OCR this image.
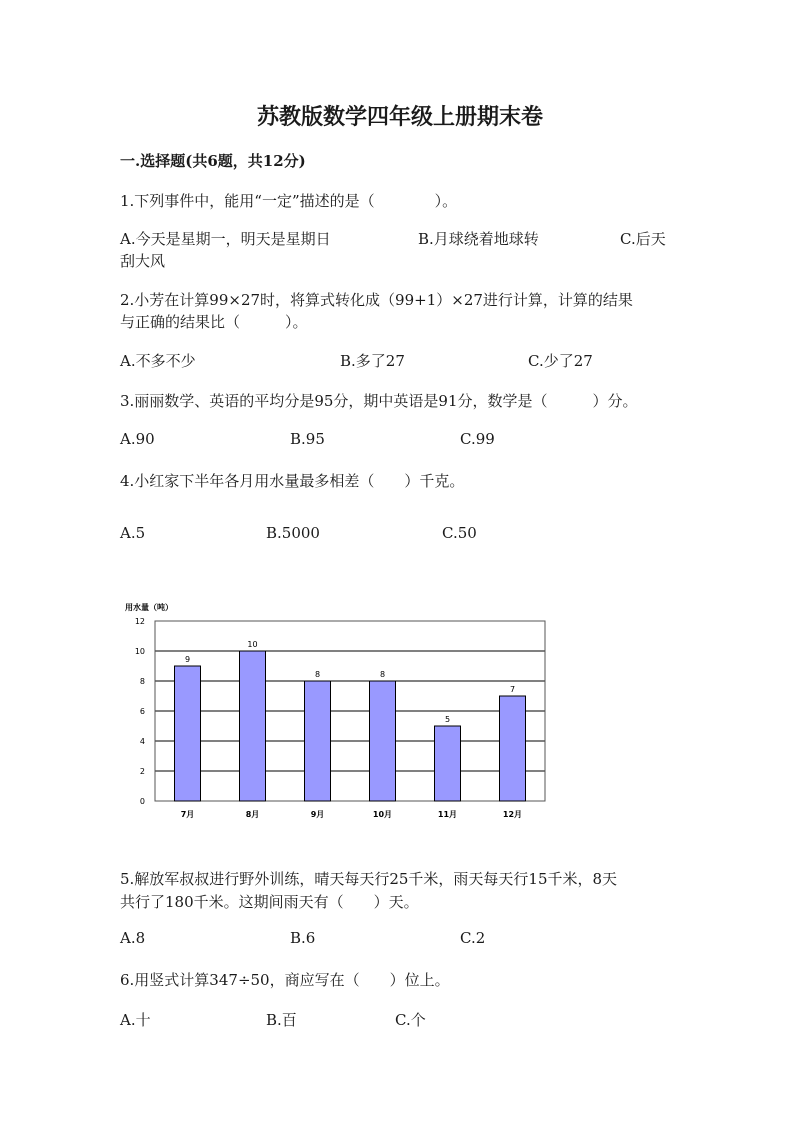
苏教版数学四年级上册期末卷
一.选择题(共6题，共12分)
1.下列事件中，能用“一定”描述的是（　　　　）。
A.今天是星期一，明天是星期日	B.月球绕着地球转	C.后天
刮大风
2.小芳在计算99×27时，将算式转化成（99+1）×27进行计算，计算的结果
与正确的结果比（　　　）。
A.不多不少	B.多了27	C.少了27
3.丽丽数学、英语的平均分是95分，期中英语是91分，数学是（　　　）分。
A.90	B.95	C.99
4.小红家下半年各月用水量最多相差（　　）千克。
A.5	B.5000	C.50
用水量（吨）
0
2
4
6
8
10
12
9
7月
10
8月
8
9月
8
10月
5
11月
7
12月
5.解放军叔叔进行野外训练，晴天每天行25千米，雨天每天行15千米，8天
共行了180千米。这期间雨天有（　　）天。
A.8	B.6	C.2
6.用竖式计算347÷50，商应写在（　　）位上。
A.十	B.百	C.个
